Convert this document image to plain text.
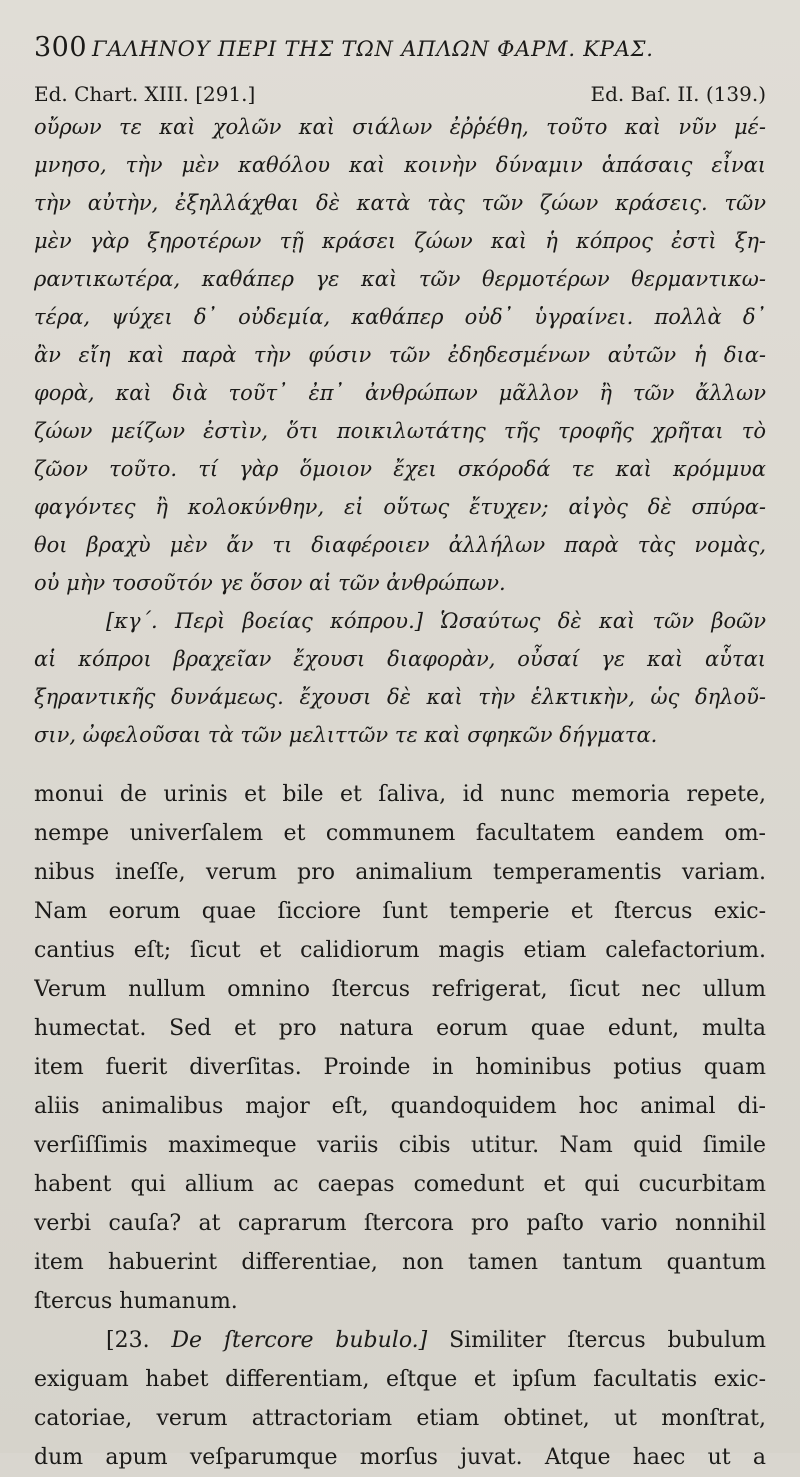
300 ΓΑΛΗΝΟΥ ΠΕΡΙ ΤΗΣ ΤΩΝ ΑΠΛΩΝ ΦΑΡΜ. ΚΡΑΣ.
Ed. Chart. XIII. [291.]	Ed. Baſ. II. (139.)
οὔρων τε καὶ χολῶν καὶ σιάλων ἐῤῥέθη, τοῦτο καὶ νῦν μέ-
μνησο, τὴν μὲν καθόλου καὶ κοινὴν δύναμιν ἁπάσαις εἶναι
τὴν αὐτὴν, ἐξηλλάχθαι δὲ κατὰ τὰς τῶν ζώων κράσεις. τῶν
μὲν γὰρ ξηροτέρων τῇ κράσει ζώων καὶ ἡ κόπρος ἐστὶ ξη-
ραντικωτέρα, καθάπερ γε καὶ τῶν θερμοτέρων θερμαντικω-
τέρα, ψύχει δ᾽ οὐδεμία, καθάπερ οὐδ᾽ ὑγραίνει. πολλὰ δ᾽
ἂν εἴη καὶ παρὰ τὴν φύσιν τῶν ἐδηδεσμένων αὐτῶν ἡ δια-
φορὰ, καὶ διὰ τοῦτ᾽ ἐπ᾽ ἀνθρώπων μᾶλλον ἢ τῶν ἄλλων
ζώων μείζων ἐστὶν, ὅτι ποικιλωτάτης τῆς τροφῆς χρῆται τὸ
ζῶον τοῦτο. τί γὰρ ὅμοιον ἔχει σκόροδά τε καὶ κρόμμυα
φαγόντες ἢ κολοκύνθην, εἰ οὕτως ἔτυχεν; αἰγὸς δὲ σπύρα-
θοι βραχὺ μὲν ἄν τι διαφέροιεν ἀλλήλων παρὰ τὰς νομὰς,
οὐ μὴν τοσοῦτόν γε ὅσον αἱ τῶν ἀνθρώπων.
[κγ΄. Περὶ βοείας κόπρου.] Ὡσαύτως δὲ καὶ τῶν βοῶν
αἱ κόπροι βραχεῖαν ἔχουσι διαφορὰν, οὖσαί γε καὶ αὗται
ξηραντικῆς δυνάμεως. ἔχουσι δὲ καὶ τὴν ἑλκτικὴν, ὡς δηλοῦ-
σιν, ὠφελοῦσαι τὰ τῶν μελιττῶν τε καὶ σφηκῶν δήγματα.
monui de urinis et bile et ſaliva, id nunc memoria repete,
nempe univerſalem et communem facultatem eandem om-
nibus ineſſe, verum pro animalium temperamentis variam.
Nam eorum quae ſicciore ſunt temperie et ſtercus exic-
cantius eſt; ſicut et calidiorum magis etiam calefactorium.
Verum nullum omnino ſtercus refrigerat, ſicut nec ullum
humectat. Sed et pro natura eorum quae edunt, multa
item fuerit diverſitas. Proinde in hominibus potius quam
aliis animalibus major eſt, quandoquidem hoc animal di-
verſiſſimis maximeque variis cibis utitur. Nam quid ſimile
habent qui allium ac caepas comedunt et qui cucurbitam
verbi cauſa? at caprarum ſtercora pro paſto vario nonnihil
item habuerint differentiae, non tamen tantum quantum
ſtercus humanum.
[23. De ſtercore bubulo.] Similiter ſtercus bubulum
exiguam habet differentiam, eſtque et ipſum facultatis exic-
catoriae, verum attractoriam etiam obtinet, ut monſtrat,
dum apum veſparumque morſus juvat. Atque haec ut a
